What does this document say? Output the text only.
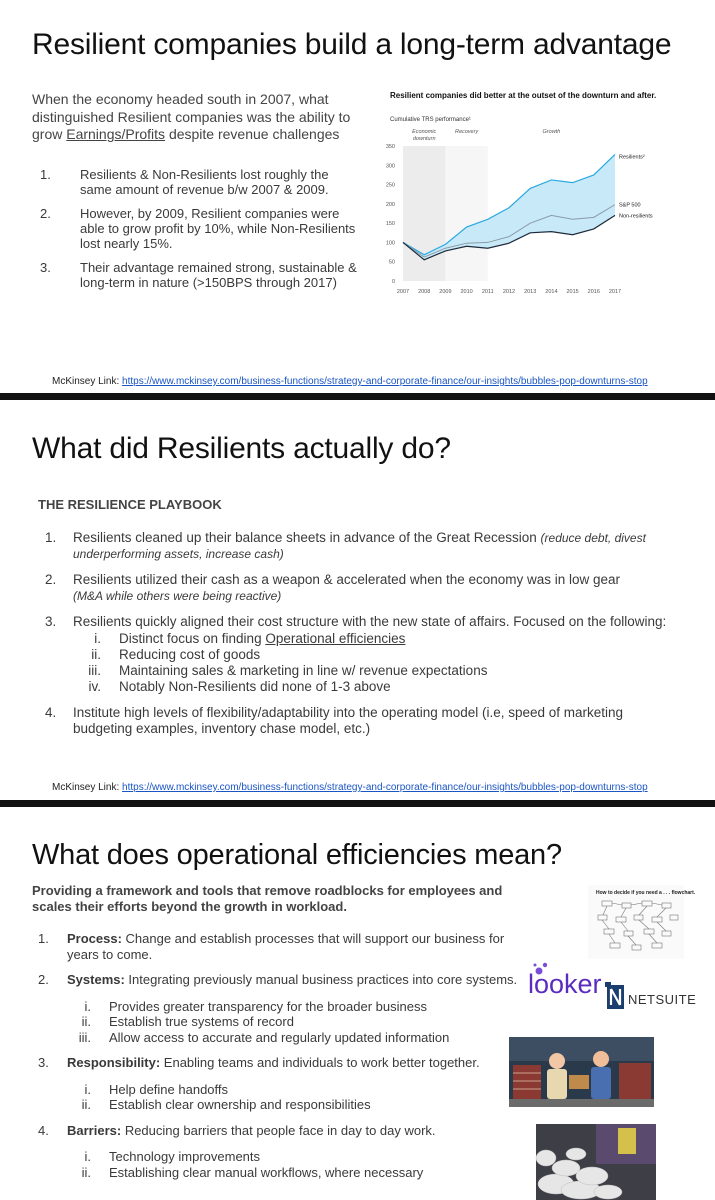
Resilient companies build a long-term advantage
When the economy headed south in 2007, what distinguished Resilient companies was the ability to grow Earnings/Profits despite revenue challenges
1. Resilients & Non-Resilients lost roughly the same amount of revenue b/w 2007 & 2009.
2. However, by 2009, Resilient companies were able to grow profit by 10%, while Non-Resilients lost nearly 15%.
3. Their advantage remained strong, sustainable & long-term in nature (>150BPS through 2017)
Resilient companies did better at the outset of the downturn and after.
Cumulative TRS performance¹
Economic
downturn
Recovery	Growth
0
50
100
150
200
250
300
350
2007 2008 2009 2010 2011 2012 2013 2014 2015 2016 2017
Resilients²
S&P 500
Non-resilients
McKinsey Link: https://www.mckinsey.com/business-functions/strategy-and-corporate-finance/our-insights/bubbles-pop-downturns-stop
What did Resilients actually do?
THE RESILIENCE PLAYBOOK
1. Resilients cleaned up their balance sheets in advance of the Great Recession (reduce debt, divest underperforming assets, increase cash)
2. Resilients utilized their cash as a weapon & accelerated when the economy was in low gear
(M&A while others were being reactive)
3. Resilients quickly aligned their cost structure with the new state of affairs. Focused on the following:
i. Distinct focus on finding Operational efficiencies
ii. Reducing cost of goods
iii. Maintaining sales & marketing in line w/ revenue expectations
iv. Notably Non-Resilients did none of 1-3 above
4. Institute high levels of flexibility/adaptability into the operating model (i.e, speed of marketing budgeting examples, inventory chase model, etc.)
McKinsey Link: https://www.mckinsey.com/business-functions/strategy-and-corporate-finance/our-insights/bubbles-pop-downturns-stop
What does operational efficiencies mean?
Providing a framework and tools that remove roadblocks for employees and scales their efforts beyond the growth in workload.
1. Process: Change and establish processes that will support our business for years to come.
2. Systems: Integrating previously manual business practices into core systems.
i. Provides greater transparency for the broader business
ii. Establish true systems of record
iii. Allow access to accurate and regularly updated information
3. Responsibility: Enabling teams and individuals to work better together.
i. Help define handoffs
ii. Establish clear ownership and responsibilities
4. Barriers: Reducing barriers that people face in day to day work.
i. Technology improvements
ii. Establishing clear manual workflows, where necessary
How to decide if you need a . . . flowchart.
looker
NETSUITE
